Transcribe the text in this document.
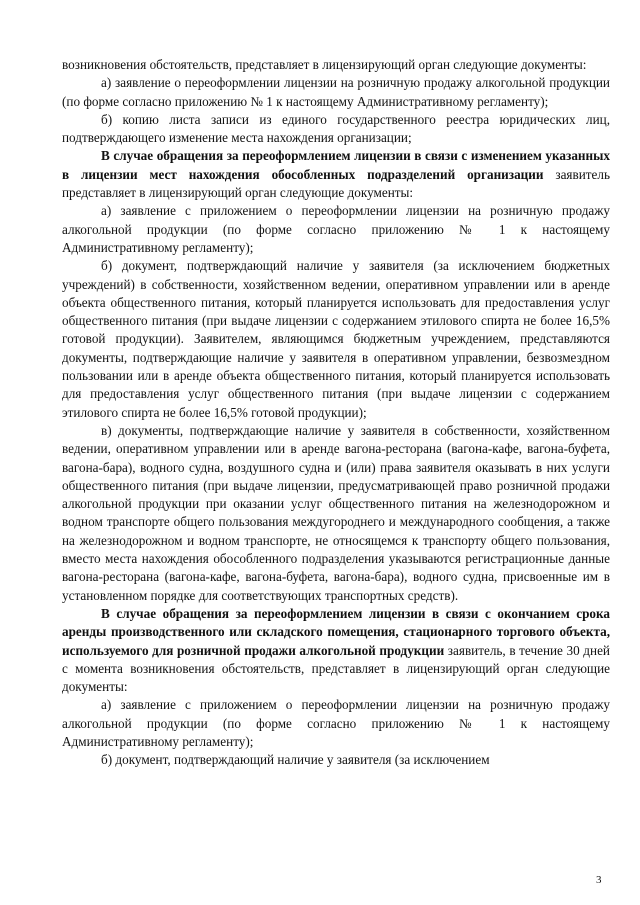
возникновения обстоятельств, представляет в лицензирующий орган следующие документы:

а) заявление о переоформлении лицензии на розничную продажу алкогольной продукции (по форме согласно приложению № 1 к настоящему Административному регламенту);

б) копию листа записи из единого государственного реестра юридических лиц, подтверждающего изменение места нахождения организации;

В случае обращения за переоформлением лицензии в связи с изменением указанных в лицензии мест нахождения обособленных подразделений организации заявитель представляет в лицензирующий орган следующие документы:

а) заявление с приложением о переоформлении лицензии на розничную продажу алкогольной продукции (по форме согласно приложению № 1 к настоящему Административному регламенту);

б) документ, подтверждающий наличие у заявителя (за исключением бюджетных учреждений) в собственности, хозяйственном ведении, оперативном управлении или в аренде объекта общественного питания, который планируется использовать для предоставления услуг общественного питания (при выдаче лицензии с содержанием этилового спирта не более 16,5% готовой продукции). Заявителем, являющимся бюджетным учреждением, представляются документы, подтверждающие наличие у заявителя в оперативном управлении, безвозмездном пользовании или в аренде объекта общественного питания, который планируется использовать для предоставления услуг общественного питания (при выдаче лицензии с содержанием этилового спирта не более 16,5% готовой продукции);

в) документы, подтверждающие наличие у заявителя в собственности, хозяйственном ведении, оперативном управлении или в аренде вагона-ресторана (вагона-кафе, вагона-буфета, вагона-бара), водного судна, воздушного судна и (или) права заявителя оказывать в них услуги общественного питания (при выдаче лицензии, предусматривающей право розничной продажи алкогольной продукции при оказании услуг общественного питания на железнодорожном и водном транспорте общего пользования междугороднего и международного сообщения, а также на железнодорожном и водном транспорте, не относящемся к транспорту общего пользования, вместо места нахождения обособленного подразделения указываются регистрационные данные вагона-ресторана (вагона-кафе, вагона-буфета, вагона-бара), водного судна, присвоенные им в установленном порядке для соответствующих транспортных средств).

В случае обращения за переоформлением лицензии в связи с окончанием срока аренды производственного или складского помещения, стационарного торгового объекта, используемого для розничной продажи алкогольной продукции заявитель, в течение 30 дней с момента возникновения обстоятельств, представляет в лицензирующий орган следующие документы:

а) заявление с приложением о переоформлении лицензии на розничную продажу алкогольной продукции (по форме согласно приложению № 1 к настоящему Административному регламенту);

б) документ, подтверждающий наличие у заявителя (за исключением

3
